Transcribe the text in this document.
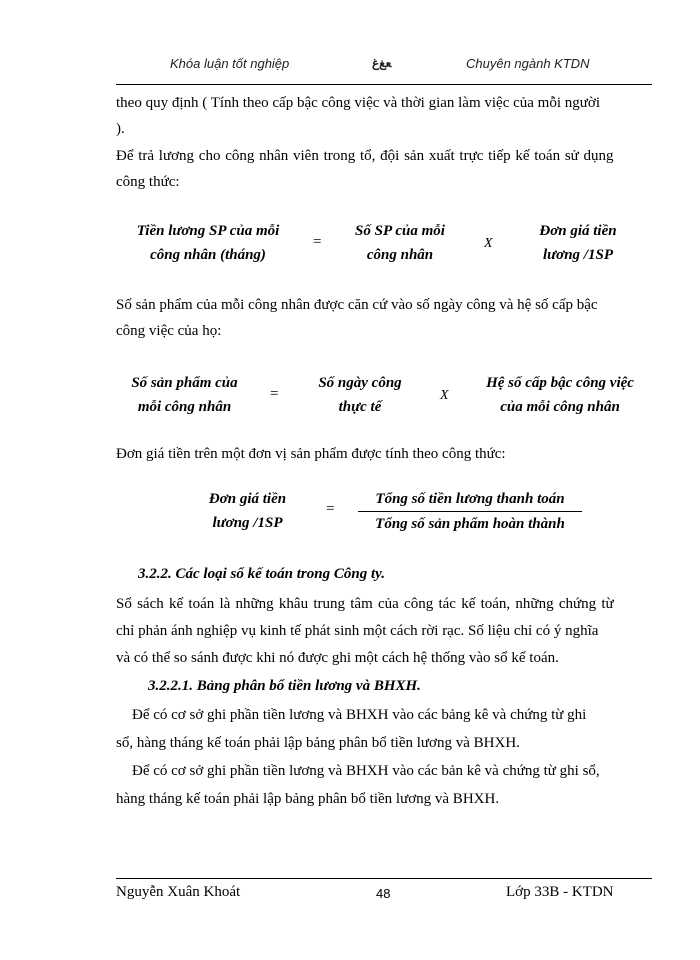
Khóa luận tốt nghiệp	ﻌﻎﻍ	Chuyên ngành KTDN
theo quy định ( Tính theo cấp bậc công việc và thời gian làm việc của mỗi người
).
Để trả lương cho công nhân viên trong tổ, đội sản xuất trực tiếp kế toán sử dụng
công thức:
Tiền lương SP của mỗi
công nhân (tháng)
=
Số SP của mỗi
công nhân
X
Đơn giá tiền
lương /1SP
Số sản phẩm của mỗi công nhân được căn cứ vào số ngày công và hệ số cấp bậc
công việc của họ:
Số sản phẩm của
mỗi công nhân
=
Số ngày công
thực tế
X
Hệ số cấp bậc công việc
của mỗi công nhân
Đơn giá tiền trên một đơn vị sản phẩm được tính theo công thức:
Đơn giá tiền
lương /1SP
=
Tổng số tiền lương thanh toán
Tổng số sản phẩm hoàn thành
3.2.2. Các loại sổ kế toán trong Công ty.
Sổ sách kế toán là những khâu trung tâm của công tác kế toán, những chứng từ
chỉ phản ánh nghiệp vụ kinh tế phát sinh một cách rời rạc. Số liệu chỉ có ý nghĩa
và có thể so sánh được khi nó được ghi một cách hệ thống vào sổ kế toán.
3.2.2.1. Bảng phân bổ tiền lương và BHXH.
Để có cơ sở ghi phần tiền lương và BHXH vào các bảng kê và chứng từ ghi
sổ, hàng tháng kế toán phải lập bảng phân bổ tiền lương và BHXH.
Để có cơ sở ghi phần tiền lương và BHXH vào các bản kê và chứng từ ghi sổ,
hàng tháng kế toán phải lập bảng phân bổ tiền lương và BHXH.
Nguyễn Xuân Khoát	48	Lớp 33B - KTDN
